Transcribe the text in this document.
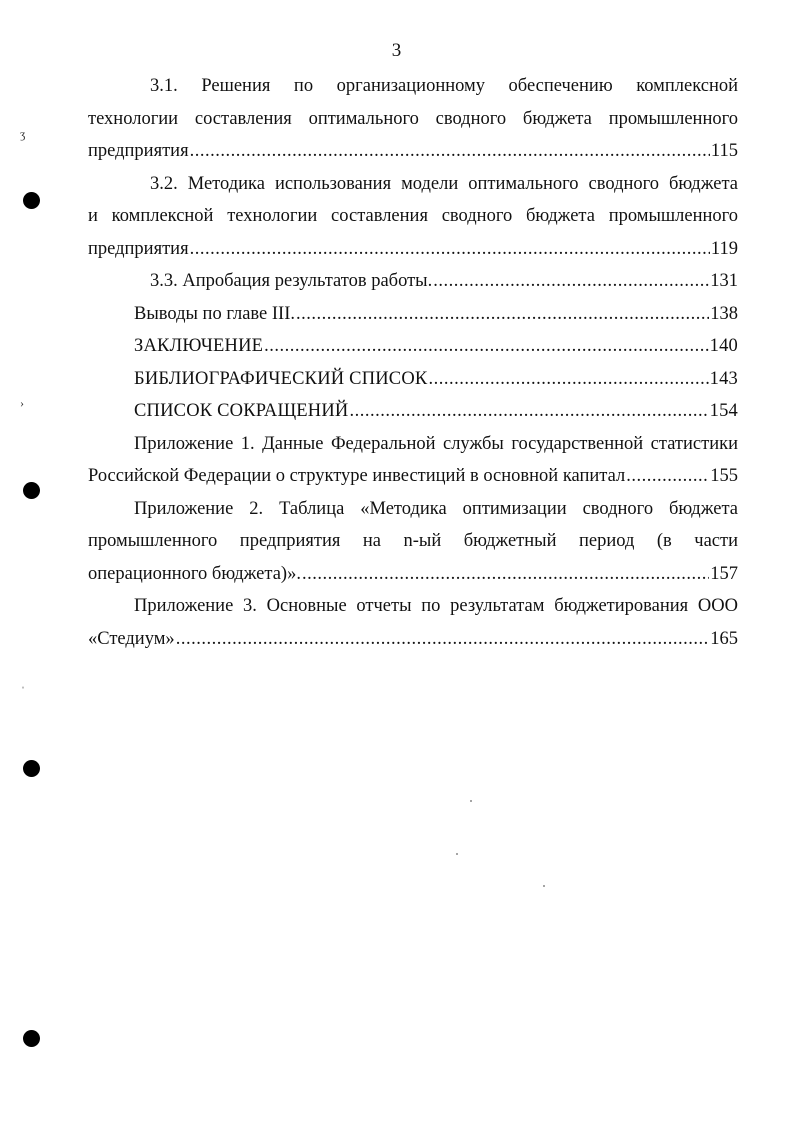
3
3.1. Решения по организационному обеспечению комплексной
технологии составления оптимального сводного бюджета промышленного
предприятия .....	115
3.2. Методика использования модели оптимального сводного бюджета
и комплексной технологии составления сводного бюджета промышленного
предприятия .....	119
3.3. Апробация результатов работы. .....	131
Выводы по главе III. .....	138
ЗАКЛЮЧЕНИЕ .....	140
БИБЛИОГРАФИЧЕСКИЙ СПИСОК .....	143
СПИСОК СОКРАЩЕНИЙ .....	154
Приложение 1. Данные Федеральной службы государственной статистики
Российской Федерации о структуре инвестиций в основной капитал .....	155
Приложение 2. Таблица «Методика оптимизации сводного бюджета
промышленного предприятия на n-ый бюджетный период (в части
операционного бюджета)». .....	157
Приложение 3. Основные отчеты по результатам бюджетирования ООО
«Стедиум» .....	165
ʒ
›
ˈ
